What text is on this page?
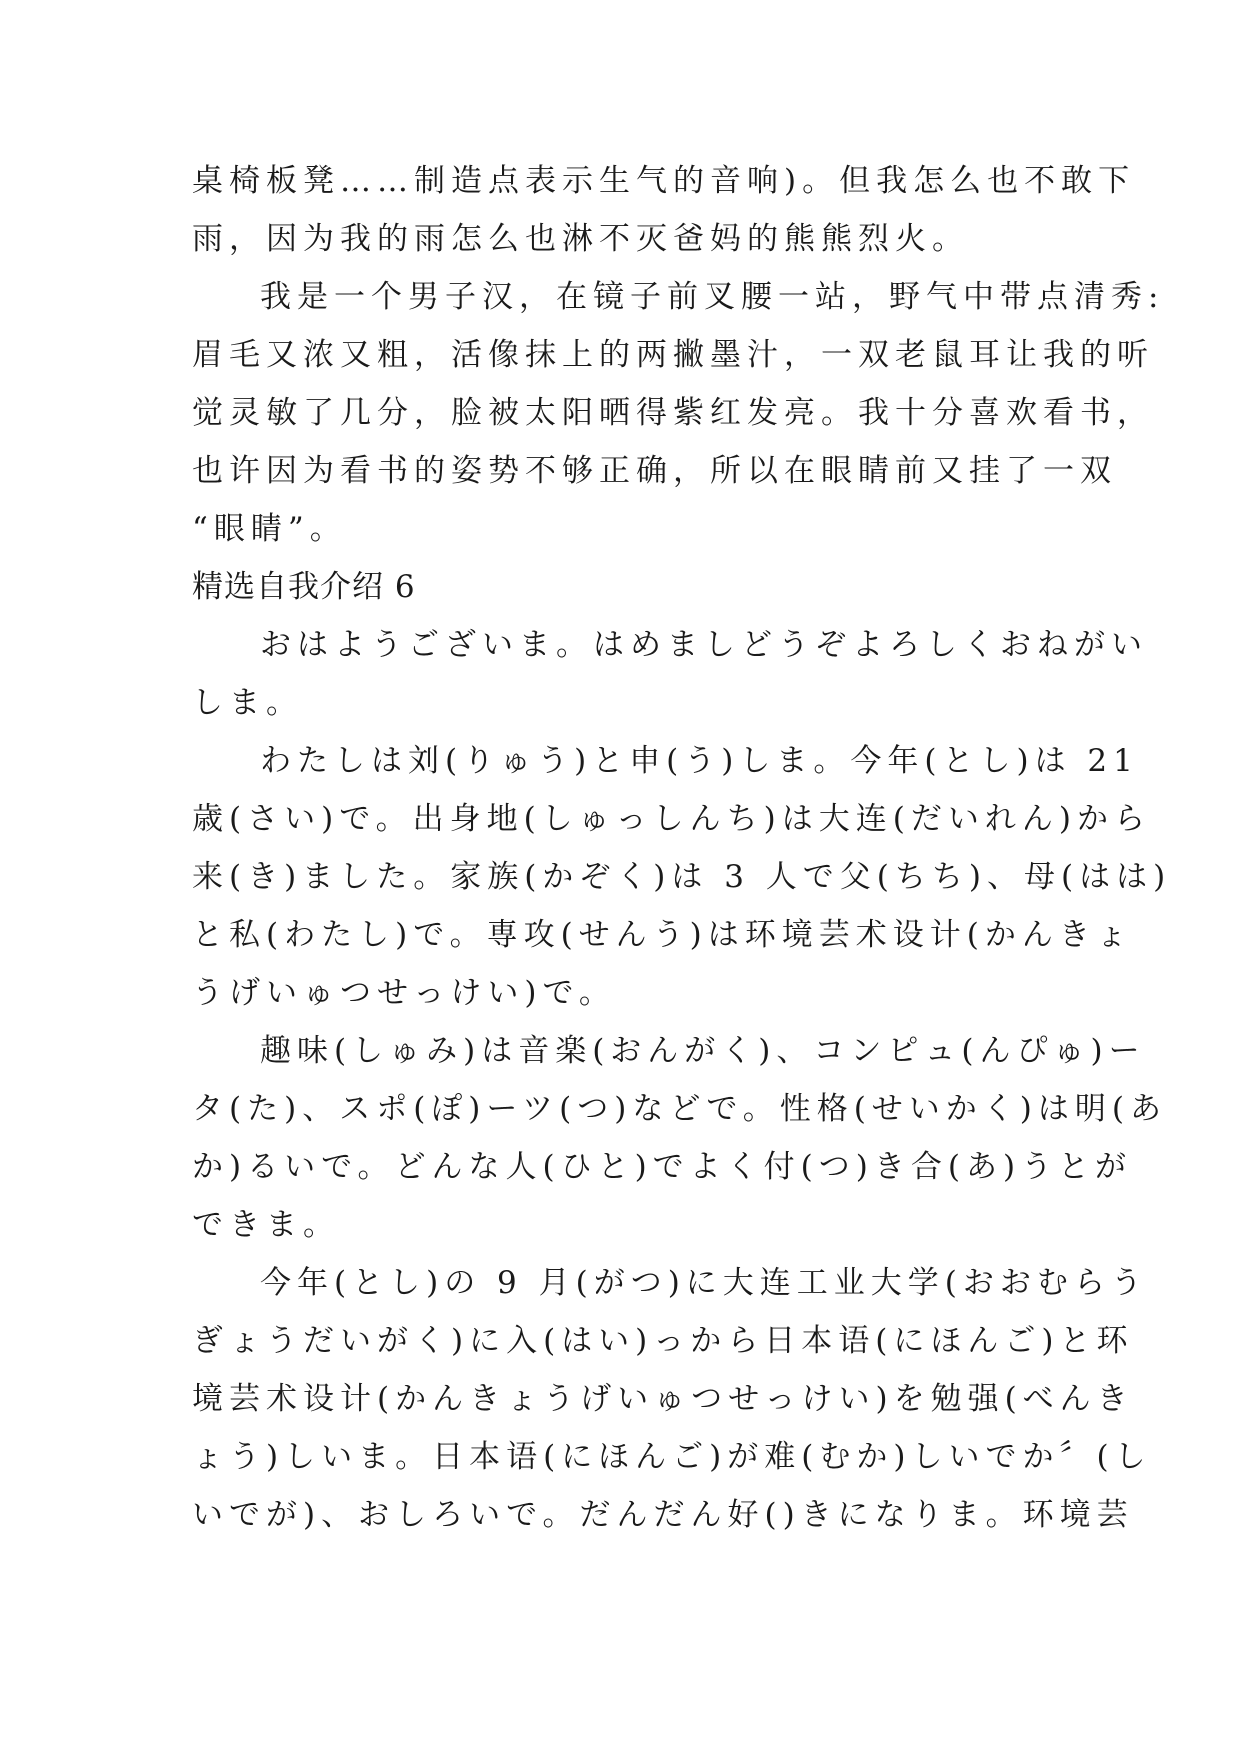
桌椅板凳……制造点表示生气的音响)。但我怎么也不敢下
雨，因为我的雨怎么也淋不灭爸妈的熊熊烈火。
我是一个男子汉，在镜子前叉腰一站，野气中带点清秀:
眉毛又浓又粗，活像抹上的两撇墨汁，一双老鼠耳让我的听
觉灵敏了几分，脸被太阳晒得紫红发亮。我十分喜欢看书，
也许因为看书的姿势不够正确，所以在眼睛前又挂了一双
“眼睛”。
精选自我介绍 6
おはようございま。はめましどうぞよろしくおねがい
しま。
わたしは刘(りゅう)と申(う)しま。今年(とし)は 21
歳(さい)で。出身地(しゅっしんち)は大连(だいれん)から
来(き)ました。家族(かぞく)は 3 人で父(ちち)、母(はは)
と私(わたし)で。専攻(せんう)は环境芸术设计(かんきょ
うげいゅつせっけい)で。
趣味(しゅみ)は音楽(おんがく)、コンピュ(んぴゅ)ー
タ(た)、スポ(ぽ)ーツ(つ)などで。性格(せいかく)は明(あ
か)るいで。どんな人(ひと)でよく付(つ)き合(あ)うとが
できま。
今年(とし)の 9 月(がつ)に大连工业大学(おおむらう
ぎょうだいがく)に入(はい)っから日本语(にほんご)と环
境芸术设计(かんきょうげいゅつせっけい)を勉强(べんき
ょう)しいま。日本语(にほんご)が难(むか)しいでか〞(し
いでが)、おしろいで。だんだん好()きになりま。环境芸
